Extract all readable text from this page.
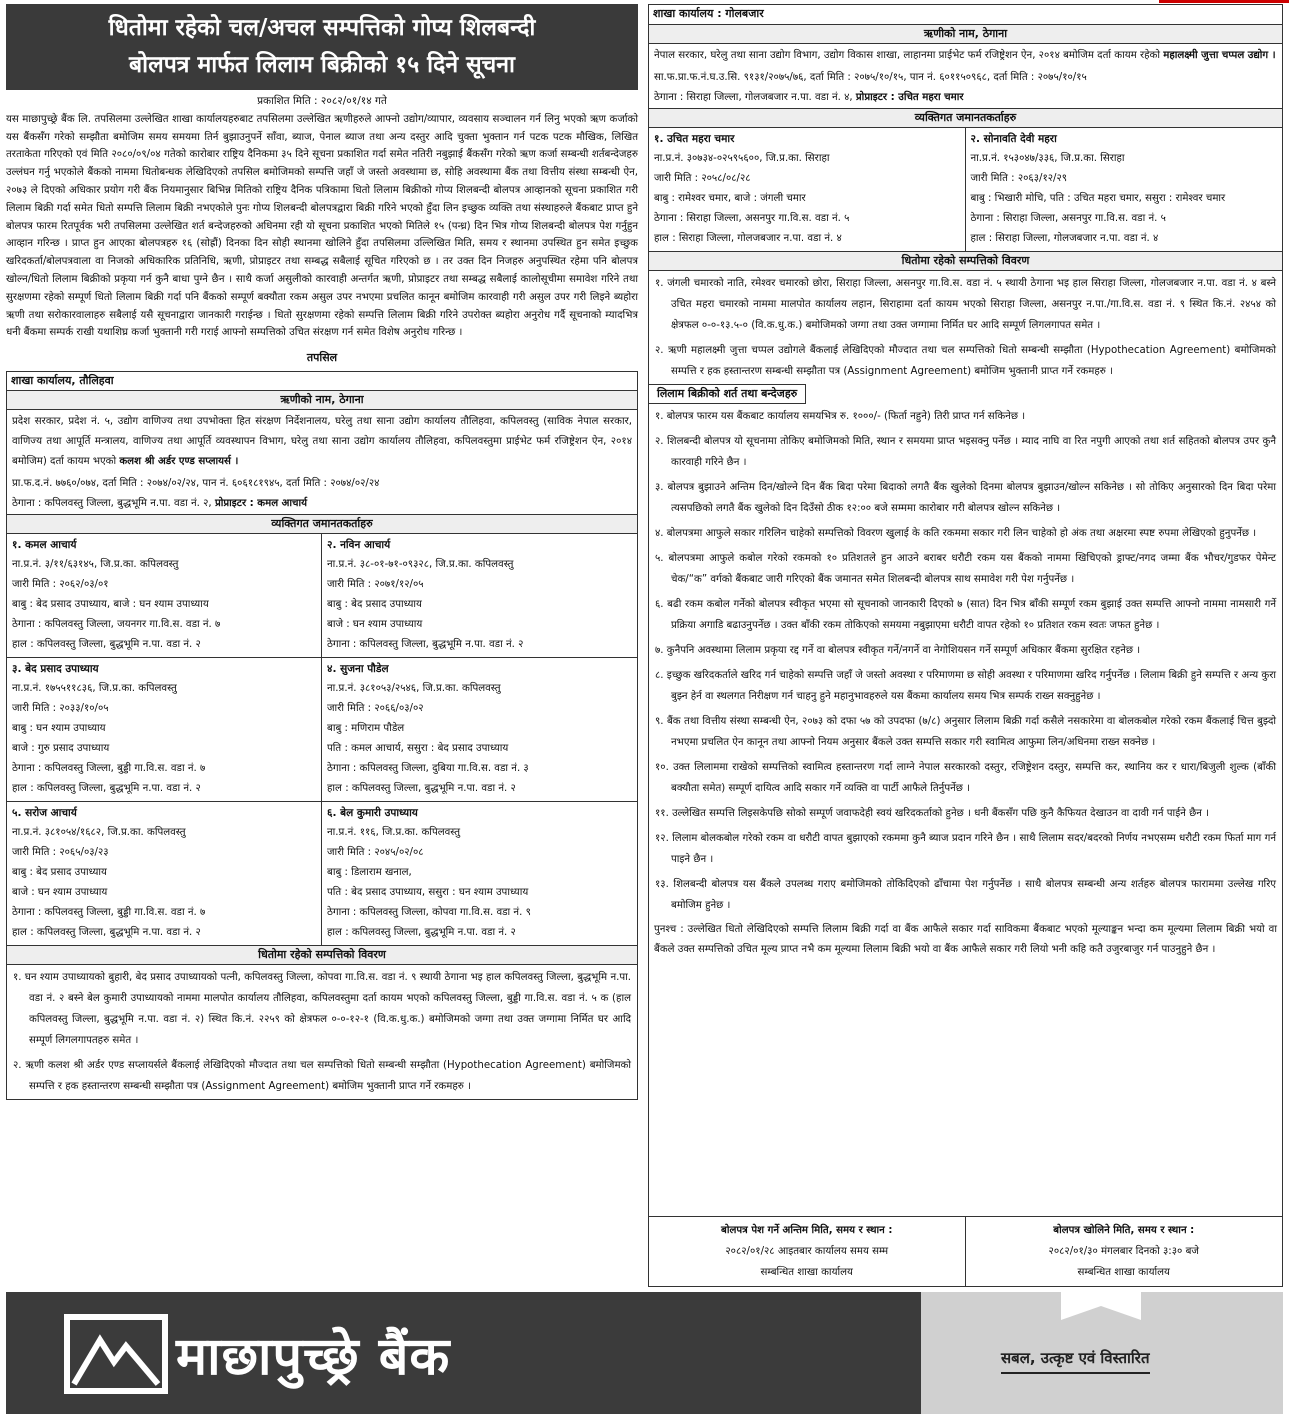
धितोमा रहेको चल/अचल सम्पत्तिको गोप्य शिलबन्दी
बोलपत्र मार्फत लिलाम बिक्रीको १५ दिने सूचना
प्रकाशित मिति : २०८२/०१/१४ गते
यस माछापुच्छ्रे बैंक लि. तपसिलमा उल्लेखित शाखा कार्यालयहरुबाट तपसिलमा उल्लेखित ऋणीहरुले आफ्नो उद्योग/व्यापार, व्यवसाय सञ्चालन गर्न लिनु भएको ऋण कर्जाको यस बैंकसँग गरेको सम्झौता बमोजिम समय समयमा तिर्न बुझाउनुपर्ने साँवा, ब्याज, पेनाल ब्याज तथा अन्य दस्तुर आदि चुक्ता भुक्तान गर्न पटक पटक मौखिक, लिखित तरताकेता गरिएको एवं मिति २०८०/०९/०४ गतेको कारोबार राष्ट्रिय दैनिकमा ३५ दिने सूचना प्रकाशित गर्दा समेत नतिरी नबुझाई बैंकसँग गरेको ऋण कर्जा सम्बन्धी शर्तबन्देजहरु उल्लंघन गर्नु भएकोले बैंकको नाममा धितोबन्धक लेखिदिएको तपसिल बमोजिमको सम्पत्ति जहाँ जे जस्तो अवस्थामा छ, सोहि अवस्थामा बैंक तथा वित्तीय संस्था सम्बन्धी ऐन, २०७३ ले दिएको अधिकार प्रयोग गरी बैंक नियमानुसार बिभिन्न मितिको राष्ट्रिय दैनिक पत्रिकामा धितो लिलाम बिक्रीको गोप्य शिलबन्दी बोलपत्र आव्हानको सूचना प्रकाशित गरी लिलाम बिक्री गर्दा समेत धितो सम्पत्ति लिलाम बिक्री नभएकोले पुनः गोप्य शिलबन्दी बोलपत्रद्वारा बिक्री गरिने भएको हुँदा लिन इच्छुक व्यक्ति तथा संस्थाहरुले बैंकबाट प्राप्त हुने बोलपत्र फारम रितपूर्वक भरी तपसिलमा उल्लेखित शर्त बन्देजहरुको अधिनमा रही यो सूचना प्रकाशित भएको मितिले १५ (पन्ध्र) दिन भित्र गोप्य शिलबन्दी बोलपत्र पेश गर्नुहुन आव्हान गरिन्छ । प्राप्त हुन आएका बोलपत्रहरु १६ (सोह्रौं) दिनका दिन सोही स्थानमा खोलिने हुँदा तपसिलमा उल्लिखित मिति, समय र स्थानमा उपस्थित हुन समेत इच्छुक खरिदकर्ता/बोलपत्रवाला वा निजको अधिकारिक प्रतिनिधि, ऋणी, प्रोप्राइटर तथा सम्बद्ध सबैलाई सूचित गरिएको छ । तर उक्त दिन निजहरु अनुपस्थित रहेमा पनि बोलपत्र खोल्न/धितो लिलाम बिक्रीको प्रकृया गर्न कुनै बाधा पुग्ने छैन । साथै कर्जा असुलीको कारवाही अन्तर्गत ऋणी, प्रोप्राइटर तथा सम्बद्ध सबैलाई कालोसूचीमा समावेश गरिने तथा सुरक्षणमा रहेको सम्पूर्ण धितो लिलाम बिक्री गर्दा पनि बैंकको सम्पूर्ण बक्यौता रकम असुल उपर नभएमा प्रचलित कानून बमोजिम कारवाही गरी असुल उपर गरी लिइने ब्यहोरा ऋणी तथा सरोकारवालाहरु सबैलाई यसै सूचनाद्वारा जानकारी गराईन्छ । धितो सुरक्षणमा रहेको सम्पत्ति लिलाम बिक्री गरिने उपरोक्त ब्यहोरा अनुरोध गर्दै सूचनाको म्यादभित्र धनी बैंकमा सम्पर्क राखी यथाशिघ्र कर्जा भुक्तानी गरी गराई आफ्नो सम्पत्तिको उचित संरक्षण गर्न समेत विशेष अनुरोध गरिन्छ ।
तपसिल
शाखा कार्यालय, तौलिहवा
ऋणीको नाम, ठेगाना
प्रदेश सरकार, प्रदेश नं. ५, उद्योग वाणिज्य तथा उपभोक्ता हित संरक्षण निर्देशनालय, घरेलु तथा साना उद्योग कार्यालय तौलिहवा, कपिलवस्तु (साविक नेपाल सरकार, वाणिज्य तथा आपूर्ति मन्त्रालय, वाणिज्य तथा आपूर्ति व्यवस्थापन विभाग, घरेलु तथा साना उद्योग कार्यालय तौलिहवा, कपिलवस्तुमा प्राईभेट फर्म रजिष्ट्रेशन ऐन, २०१४ बमोजिम) दर्ता कायम भएको कलश श्री अर्डर एण्ड सप्लायर्स ।
प्रा.फ.द.नं. ७७६०/०७४, दर्ता मिति : २०७४/०२/२४, पान नं. ६०६१८१९४५, दर्ता मिति : २०७४/०२/२४
ठेगाना : कपिलवस्तु जिल्ला, बुद्धभूमि न.पा. वडा नं. २, प्रोप्राइटर : कमल आचार्य
व्यक्तिगत जमानतकर्ताहरु
१. कमल आचार्य
ना.प्र.नं. ३/११/६३१४५, जि.प्र.का. कपिलवस्तु
जारी मिति : २०६२/०३/०१
बाबु : बेद प्रसाद उपाध्याय, बाजे : घन श्याम उपाध्याय
ठेगाना : कपिलवस्तु जिल्ला, जयनगर गा.वि.स. वडा नं. ७
हाल : कपिलवस्तु जिल्ला, बुद्धभूमि न.पा. वडा नं. २
२. नविन आचार्य
ना.प्र.नं. ३८-०१-७१-०९३२८, जि.प्र.का. कपिलवस्तु
जारी मिति : २०७१/१२/०५
बाबु : बेद प्रसाद उपाध्याय
बाजे : घन श्याम उपाध्याय
ठेगाना : कपिलवस्तु जिल्ला, बुद्धभूमि न.पा. वडा नं. २
३. बेद प्रसाद उपाध्याय
ना.प्र.नं. १७५५११८३६, जि.प्र.का. कपिलवस्तु
जारी मिति : २०३३/१०/०५
बाबु : घन श्याम उपाध्याय
बाजे : गुरु प्रसाद उपाध्याय
ठेगाना : कपिलवस्तु जिल्ला, बुड्डी गा.वि.स. वडा नं. ७
हाल : कपिलवस्तु जिल्ला, बुद्धभूमि न.पा. वडा नं. २
४. सुजना पौडेल
ना.प्र.नं. ३८१०५३/२५४६, जि.प्र.का. कपिलवस्तु
जारी मिति : २०६६/०३/०२
बाबु : मणिराम पौडेल
पति : कमल आचार्य, ससुरा : बेद प्रसाद उपाध्याय
ठेगाना : कपिलवस्तु जिल्ला, दुबिया गा.वि.स. वडा नं. ३
हाल : कपिलवस्तु जिल्ला, बुद्धभूमि न.पा. वडा नं. २
५. सरोज आचार्य
ना.प्र.नं. ३८१०५४/१६८२, जि.प्र.का. कपिलवस्तु
जारी मिति : २०६५/०३/२३
बाबु : बेद प्रसाद उपाध्याय
बाजे : घन श्याम उपाध्याय
ठेगाना : कपिलवस्तु जिल्ला, बुड्डी गा.वि.स. वडा नं. ७
हाल : कपिलवस्तु जिल्ला, बुद्धभूमि न.पा. वडा नं. २
६. बेल कुमारी उपाध्याय
ना.प्र.नं. ११६, जि.प्र.का. कपिलवस्तु
जारी मिति : २०४५/०२/०८
बाबु : डिलाराम खनाल,
पति : बेद प्रसाद उपाध्याय, ससुरा : घन श्याम उपाध्याय
ठेगाना : कपिलवस्तु जिल्ला, कोपवा गा.वि.स. वडा नं. ९
हाल : कपिलवस्तु जिल्ला, बुद्धभूमि न.पा. वडा नं. २
धितोमा रहेको सम्पत्तिको विवरण
१. घन श्याम उपाध्यायको बुहारी, बेद प्रसाद उपाध्यायको पत्नी, कपिलवस्तु जिल्ला, कोपवा गा.वि.स. वडा नं. ९ स्थायी ठेगाना भइ हाल कपिलवस्तु जिल्ला, बुद्धभूमि न.पा. वडा नं. २ बस्ने बेल कुमारी उपाध्यायको नाममा मालपोत कार्यालय तौलिहवा, कपिलवस्तुमा दर्ता कायम भएको कपिलवस्तु जिल्ला, बुड्डी गा.वि.स. वडा नं. ५ क (हाल कपिलवस्तु जिल्ला, बुद्धभूमि न.पा. वडा नं. २) स्थित कि.नं. २२५९ को क्षेत्रफल ०-०-१२-१ (वि.क.धु.क.) बमोजिमको जग्गा तथा उक्त जग्गामा निर्मित घर आदि सम्पूर्ण लिगलगापतहरु समेत ।
२. ऋणी कलश श्री अर्डर एण्ड सप्लायर्सले बैंकलाई लेखिदिएको मौज्दात तथा चल सम्पत्तिको धितो सम्बन्धी सम्झौता (Hypothecation Agreement) बमोजिमको सम्पत्ति र हक हस्तान्तरण सम्बन्धी सम्झौता पत्र (Assignment Agreement) बमोजिम भुक्तानी प्राप्त गर्ने रकमहरु ।
शाखा कार्यालय : गोलबजार
ऋणीको नाम, ठेगाना
नेपाल सरकार, घरेलु तथा साना उद्योग विभाग, उद्योग विकास शाखा, लाहानमा प्राईभेट फर्म रजिष्ट्रेशन ऐन, २०१४ बमोजिम दर्ता कायम रहेको महालक्ष्मी जुत्ता चप्पल उद्योग ।
सा.फ.प्रा.फ.नं.घ.उ.सि. ९१३१/२०७५/७६, दर्ता मिति : २०७५/१०/१५, पान नं. ६०११५०९६८, दर्ता मिति : २०७५/१०/१५
ठेगाना : सिराहा जिल्ला, गोलजबजार न.पा. वडा नं. ४, प्रोप्राइटर : उचित महरा चमार
व्यक्तिगत जमानतकर्ताहरु
१. उचित महरा चमार
ना.प्र.नं. ३०७३४-०२५९५६००, जि.प्र.का. सिराहा
जारी मिति : २०५८/०८/२८
बाबु : रामेश्वर चमार, बाजे : जंगली चमार
ठेगाना : सिराहा जिल्ला, असनपुर गा.वि.स. वडा नं. ५
हाल : सिराहा जिल्ला, गोलजबजार न.पा. वडा नं. ४
२. सोनावति देवी महरा
ना.प्र.नं. १५३०४७/३३६, जि.प्र.का. सिराहा
जारी मिति : २०६३/१२/२९
बाबु : भिखारी मोचि, पति : उचित महरा चमार, ससुरा : रामेश्वर चमार
ठेगाना : सिराहा जिल्ला, असनपुर गा.वि.स. वडा नं. ५
हाल : सिराहा जिल्ला, गोलजबजार न.पा. वडा नं. ४
धितोमा रहेको सम्पत्तिको विवरण
१. जंगली चमारको नाति, रमेश्वर चमारको छोरा, सिराहा जिल्ला, असनपुर गा.वि.स. वडा नं. ५ स्थायी ठेगाना भइ हाल सिराहा जिल्ला, गोलजबजार न.पा. वडा नं. ४ बस्ने उचित महरा चमारको नाममा मालपोत कार्यालय लहान, सिराहामा दर्ता कायम भएको सिराहा जिल्ला, असनपुर न.पा./गा.वि.स. वडा नं. ९ स्थित कि.नं. २४५४ को क्षेत्रफल ०-०-१३.५-० (वि.क.धु.क.) बमोजिमको जग्गा तथा उक्त जग्गामा निर्मित घर आदि सम्पूर्ण लिगलगापत समेत ।
२. ऋणी महालक्ष्मी जुत्ता चप्पल उद्योगले बैंकलाई लेखिदिएको मौज्दात तथा चल सम्पत्तिको धितो सम्बन्धी सम्झौता (Hypothecation Agreement) बमोजिमको सम्पत्ति र हक हस्तान्तरण सम्बन्धी सम्झौता पत्र (Assignment Agreement) बमोजिम भुक्तानी प्राप्त गर्ने रकमहरु ।
लिलाम बिक्रीको शर्त तथा बन्देजहरु
१. बोलपत्र फारम यस बैंकबाट कार्यालय समयभित्र रु. १०००/- (फिर्ता नहुने) तिरी प्राप्त गर्न सकिनेछ ।
२. शिलबन्दी बोलपत्र यो सूचनामा तोकिए बमोजिमको मिति, स्थान र समयमा प्राप्त भइसक्नु पर्नेछ । म्याद नाघि वा रित नपुगी आएको तथा शर्त सहितको बोलपत्र उपर कुनै कारवाही गरिने छैन ।
३. बोलपत्र बुझाउने अन्तिम दिन/खोल्ने दिन बैंक बिदा परेमा बिदाको लगतै बैंक खुलेको दिनमा बोलपत्र बुझाउन/खोल्न सकिनेछ । सो तोकिए अनुसारको दिन बिदा परेमा त्यसपछिको लगतै बैंक खुलेको दिन दिउँसो ठीक १२:०० बजे सम्ममा कारोबार गरी बोलपत्र खोल्न सकिनेछ ।
४. बोलपत्रमा आफुले सकार गरिलिन चाहेको सम्पत्तिको विवरण खुलाई के कति रकममा सकार गरी लिन चाहेको हो अंक तथा अक्षरमा स्पष्ट रुपमा लेखिएको हुनुपर्नेछ ।
५. बोलपत्रमा आफुले कबोल गरेको रकमको १० प्रतिशतले हुन आउने बराबर धरौटी रकम यस बैंकको नाममा खिचिएको ड्राफ्ट/नगद जम्मा बैंक भौचर/गुडफर पेमेन्ट चेक/“क” वर्गको बैंकबाट जारी गरिएको बैंक जमानत समेत शिलबन्दी बोलपत्र साथ समावेश गरी पेश गर्नुपर्नेछ ।
६. बढी रकम कबोल गर्नेको बोलपत्र स्वीकृत भएमा सो सूचनाको जानकारी दिएको ७ (सात) दिन भित्र बाँकी सम्पूर्ण रकम बुझाई उक्त सम्पत्ति आफ्नो नाममा नामसारी गर्ने प्रक्रिया अगाडि बढाउनुपर्नेछ । उक्त बाँकी रकम तोकिएको समयमा नबुझाएमा धरौटी वापत रहेको १० प्रतिशत रकम स्वतः जफत हुनेछ ।
७. कुनैपनि अवस्थामा लिलाम प्रकृया रद्द गर्ने वा बोलपत्र स्वीकृत गर्ने/नगर्ने वा नेगोशियसन गर्ने सम्पूर्ण अधिकार बैंकमा सुरक्षित रहनेछ ।
८. इच्छुक खरिदकर्ताले खरिद गर्न चाहेको सम्पत्ति जहाँ जे जस्तो अवस्था र परिमाणमा छ सोही अवस्था र परिमाणमा खरिद गर्नुपर्नेछ । लिलाम बिक्री हुने सम्पत्ति र अन्य कुरा बुझ्न हेर्न वा स्थलगत निरीक्षण गर्न चाहनु हुने महानुभावहरुले यस बैंकमा कार्यालय समय भित्र सम्पर्क राख्न सक्नुहुनेछ ।
९. बैंक तथा वित्तीय संस्था सम्बन्धी ऐन, २०७३ को दफा ५७ को उपदफा (७/८) अनुसार लिलाम बिक्री गर्दा कसैले नसकारेमा वा बोलकबोल गरेको रकम बैंकलाई चित्त बुझ्दो नभएमा प्रचलित ऐन कानून तथा आफ्नो नियम अनुसार बैंकले उक्त सम्पत्ति सकार गरी स्वामित्व आफुमा लिन/अधिनमा राख्न सक्नेछ ।
१०. उक्त लिलाममा राखेको सम्पत्तिको स्वामित्व हस्तान्तरण गर्दा लाग्ने नेपाल सरकारको दस्तुर, रजिष्ट्रेशन दस्तुर, सम्पत्ति कर, स्थानिय कर र धारा/बिजुली शुल्क (बाँकी बक्यौता समेत) सम्पूर्ण दायित्व आदि सकार गर्ने व्यक्ति वा पार्टी आफैले तिर्नुपर्नेछ ।
११. उल्लेखित सम्पत्ति लिइसकेपछि सोको सम्पूर्ण जवाफदेही स्वयं खरिदकर्ताको हुनेछ । धनी बैंकसँग पछि कुनै कैफियत देखाउन वा दावी गर्न पाईने छैन ।
१२. लिलाम बोलकबोल गरेको रकम वा धरौटी वापत बुझाएको रकममा कुनै ब्याज प्रदान गरिने छैन । साथै लिलाम सदर/बदरको निर्णय नभएसम्म धरौटी रकम फिर्ता माग गर्न पाइने छैन ।
१३. शिलबन्दी बोलपत्र यस बैंकले उपलब्ध गराए बमोजिमको तोकिदिएको ढाँचामा पेश गर्नुपर्नेछ । साथै बोलपत्र सम्बन्धी अन्य शर्तहरु बोलपत्र फाराममा उल्लेख गरिए बमोजिम हुनेछ ।
पुनश्च : उल्लेखित धितो लेखिदिएको सम्पत्ति लिलाम बिक्री गर्दा वा बैंक आफैले सकार गर्दा साविकमा बैंकबाट भएको मूल्याङ्कन भन्दा कम मूल्यमा लिलाम बिक्री भयो वा बैंकले उक्त सम्पत्तिको उचित मूल्य प्राप्त नभै कम मूल्यमा लिलाम बिक्री भयो वा बैंक आफैले सकार गरी लियो भनी कहि कतै उजुरबाजुर गर्न पाउनुहुने छैन ।
बोलपत्र पेश गर्ने अन्तिम मिति, समय र स्थान :
२०८२/०१/२८ आइतबार कार्यालय समय सम्म
सम्बन्धित शाखा कार्यालय
बोलपत्र खोलिने मिति, समय र स्थान :
२०८२/०१/३० मंगलबार दिनको ३:३० बजे
सम्बन्धित शाखा कार्यालय
माछापुच्छ्रे बैंक	सबल, उत्कृष्ट एवं विस्तारित
